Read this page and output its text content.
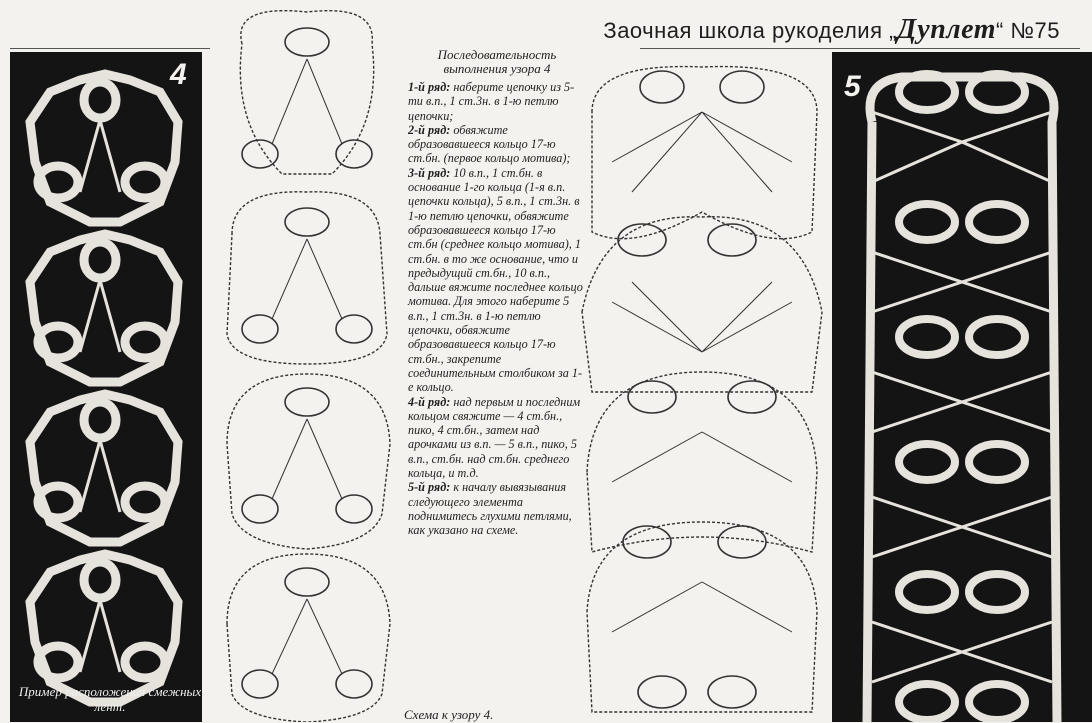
Заочная школа рукоделия „Дуплет“ №75
4
Пример расположения смежных лент.
Последовательность выполнения узора 4

1-й ряд: наберите цепочку из 5-ти в.п., 1 ст.3н. в 1-ю петлю цепочки;

2-й ряд: обвяжите образовавшееся кольцо 17-ю ст.бн. (первое кольцо мотива);

3-й ряд: 10 в.п., 1 ст.бн. в основание 1-го кольца (1-я в.п. цепочки кольца), 5 в.п., 1 ст.3н. в 1-ю петлю цепочки, обвяжите образовавшееся кольцо 17-ю ст.бн (среднее кольцо мотива), 1 ст.бн. в то же основание, что и предыдущий ст.бн., 10 в.п., дальше вяжите последнее кольцо мотива. Для этого наберите 5 в.п., 1 ст.3н. в 1-ю петлю цепочки, обвяжите образовавшееся кольцо 17-ю ст.бн., закрепите соединительным столбиком за 1-е кольцо.

4-й ряд: над первым и последним кольцом свяжите — 4 ст.бн., пико, 4 ст.бн., затем над арочками из в.п. — 5 в.п., пико, 5 в.п., ст.бн. над ст.бн. среднего кольца, и т.д.

5-й ряд: к началу вывязывания следующего элемента поднимитесь глухими петлями, как указано на схеме.

Схема к узору 4.
5
